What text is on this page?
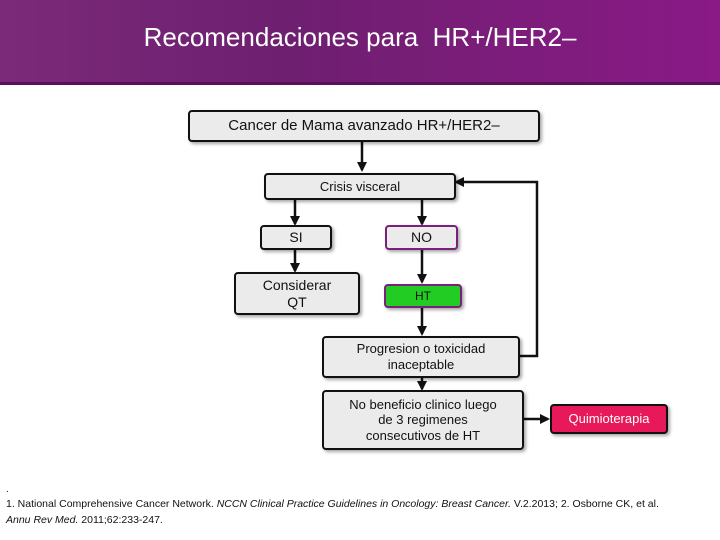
Recomendaciones para  HR+/HER2–
Cancer de Mama avanzado HR+/HER2–
Crisis visceral
SI	NO
Considerar
QT	HT
Progresion o toxicidad
inaceptable
No beneficio clinico luego
de 3 regimenes
consecutivos de HT
Quimioterapia
.
1. National Comprehensive Cancer Network. NCCN Clinical Practice Guidelines in Oncology: Breast Cancer. V.2.2013; 2. Osborne CK, et al.
Annu Rev Med. 2011;62:233-247.
